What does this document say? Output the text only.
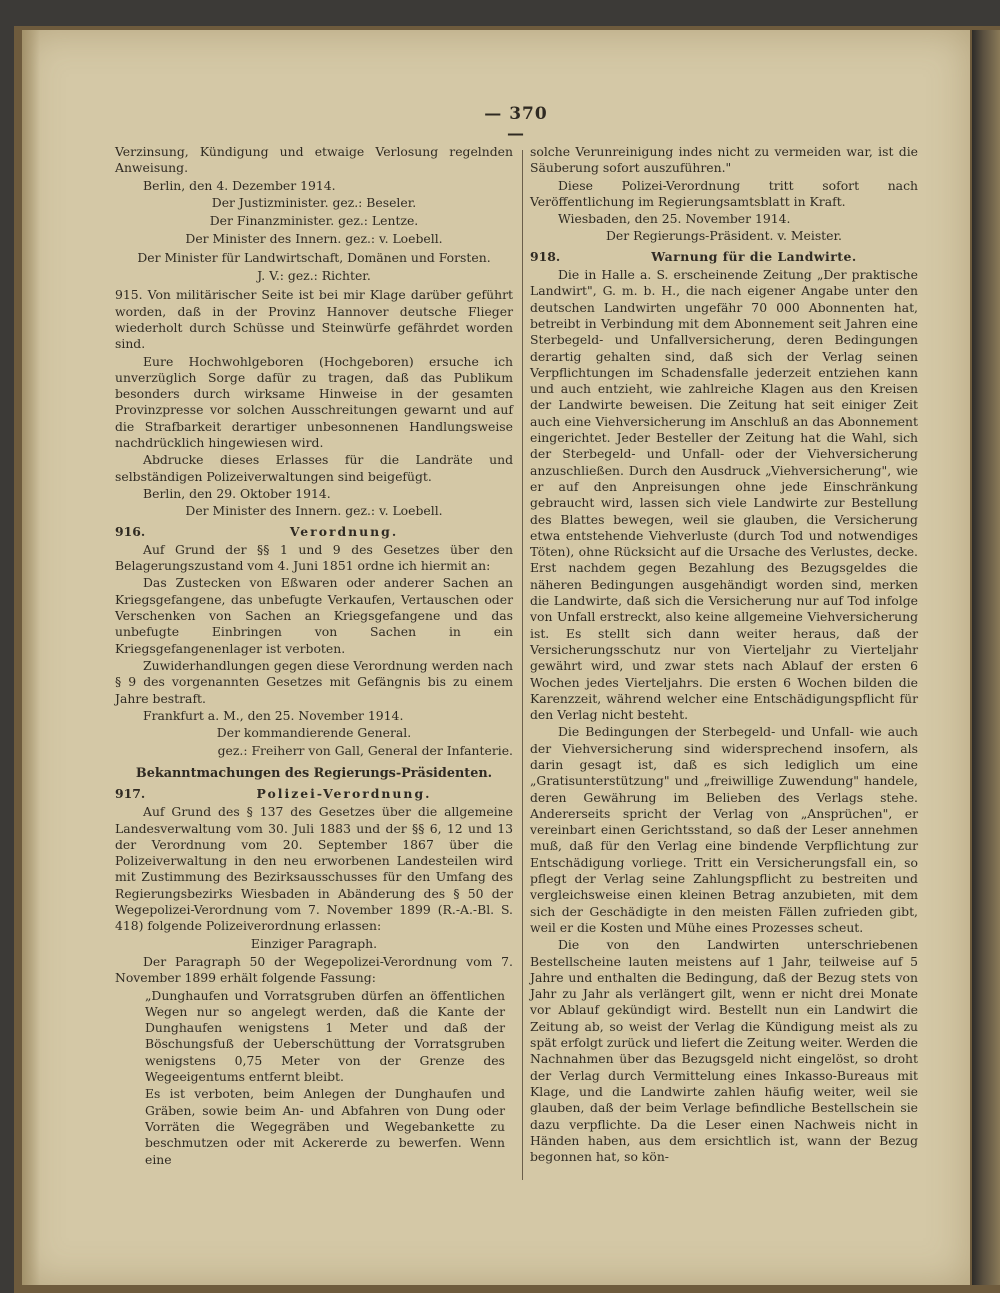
— 370 —

Verzinsung, Kündigung und etwaige Verlosung regelnden Anweisung.

Berlin, den 4. Dezember 1914.

Der Justizminister. gez.: Beseler.

Der Finanzminister. gez.: Lentze.

Der Minister des Innern. gez.: v. Loebell.

Der Minister für Landwirtschaft, Domänen und Forsten.

J. V.: gez.: Richter.

915. Von militärischer Seite ist bei mir Klage darüber geführt worden, daß in der Provinz Hannover deutsche Flieger wiederholt durch Schüsse und Steinwürfe gefährdet worden sind.

Eure Hochwohlgeboren (Hochgeboren) ersuche ich unverzüglich Sorge dafür zu tragen, daß das Publikum besonders durch wirksame Hinweise in der gesamten Provinzpresse vor solchen Ausschreitungen gewarnt und auf die Strafbarkeit derartiger unbesonnenen Handlungsweise nachdrücklich hingewiesen wird.

Abdrucke dieses Erlasses für die Landräte und selbständigen Polizeiverwaltungen sind beigefügt.

Berlin, den 29. Oktober 1914.

Der Minister des Innern. gez.: v. Loebell.

916.	Verordnung.

Auf Grund der §§ 1 und 9 des Gesetzes über den Belagerungszustand vom 4. Juni 1851 ordne ich hiermit an:

Das Zustecken von Eßwaren oder anderer Sachen an Kriegsgefangene, das unbefugte Verkaufen, Vertauschen oder Verschenken von Sachen an Kriegsgefangene und das unbefugte Einbringen von Sachen in ein Kriegsgefangenenlager ist verboten.

Zuwiderhandlungen gegen diese Verordnung werden nach § 9 des vorgenannten Gesetzes mit Gefängnis bis zu einem Jahre bestraft.

Frankfurt a. M., den 25. November 1914.

Der kommandierende General.

gez.: Freiherr von Gall, General der Infanterie.

Bekanntmachungen des Regierungs-Präsidenten.

917.	Polizei-Verordnung.

Auf Grund des § 137 des Gesetzes über die allgemeine Landesverwaltung vom 30. Juli 1883 und der §§ 6, 12 und 13 der Verordnung vom 20. September 1867 über die Polizeiverwaltung in den neu erworbenen Landesteilen wird mit Zustimmung des Bezirksausschusses für den Umfang des Regierungsbezirks Wiesbaden in Abänderung des § 50 der Wegepolizei-Verordnung vom 7. November 1899 (R.-A.-Bl. S. 418) folgende Polizeiverordnung erlassen:

Einziger Paragraph.

Der Paragraph 50 der Wegepolizei-Verordnung vom 7. November 1899 erhält folgende Fassung:

„Dunghaufen und Vorratsgruben dürfen an öffentlichen Wegen nur so angelegt werden, daß die Kante der Dunghaufen wenigstens 1 Meter und daß der Böschungsfuß der Ueberschüttung der Vorratsgruben wenigstens 0,75 Meter von der Grenze des Wegeeigentums entfernt bleibt.

Es ist verboten, beim Anlegen der Dunghaufen und Gräben, sowie beim An- und Abfahren von Dung oder Vorräten die Wegegräben und Wegebankette zu beschmutzen oder mit Ackererde zu bewerfen. Wenn eine

solche Verunreinigung indes nicht zu vermeiden war, ist die Säuberung sofort auszuführen."

Diese Polizei-Verordnung tritt sofort nach Veröffentlichung im Regierungsamtsblatt in Kraft.

Wiesbaden, den 25. November 1914.

Der Regierungs-Präsident. v. Meister.

918.	Warnung für die Landwirte.

Die in Halle a. S. erscheinende Zeitung „Der praktische Landwirt", G. m. b. H., die nach eigener Angabe unter den deutschen Landwirten ungefähr 70 000 Abonnenten hat, betreibt in Verbindung mit dem Abonnement seit Jahren eine Sterbegeld- und Unfallversicherung, deren Bedingungen derartig gehalten sind, daß sich der Verlag seinen Verpflichtungen im Schadensfalle jederzeit entziehen kann und auch entzieht, wie zahlreiche Klagen aus den Kreisen der Landwirte beweisen. Die Zeitung hat seit einiger Zeit auch eine Viehversicherung im Anschluß an das Abonnement eingerichtet. Jeder Besteller der Zeitung hat die Wahl, sich der Sterbegeld- und Unfall- oder der Viehversicherung anzuschließen. Durch den Ausdruck „Viehversicherung", wie er auf den Anpreisungen ohne jede Einschränkung gebraucht wird, lassen sich viele Landwirte zur Bestellung des Blattes bewegen, weil sie glauben, die Versicherung etwa entstehende Viehverluste (durch Tod und notwendiges Töten), ohne Rücksicht auf die Ursache des Verlustes, decke. Erst nachdem gegen Bezahlung des Bezugsgeldes die näheren Bedingungen ausgehändigt worden sind, merken die Landwirte, daß sich die Versicherung nur auf Tod infolge von Unfall erstreckt, also keine allgemeine Viehversicherung ist. Es stellt sich dann weiter heraus, daß der Versicherungsschutz nur von Vierteljahr zu Vierteljahr gewährt wird, und zwar stets nach Ablauf der ersten 6 Wochen jedes Vierteljahrs. Die ersten 6 Wochen bilden die Karenzzeit, während welcher eine Entschädigungspflicht für den Verlag nicht besteht.

Die Bedingungen der Sterbegeld- und Unfall- wie auch der Viehversicherung sind widersprechend insofern, als darin gesagt ist, daß es sich lediglich um eine „Gratisunterstützung" und „freiwillige Zuwendung" handele, deren Gewährung im Belieben des Verlags stehe. Andererseits spricht der Verlag von „Ansprüchen", er vereinbart einen Gerichtsstand, so daß der Leser annehmen muß, daß für den Verlag eine bindende Verpflichtung zur Entschädigung vorliege. Tritt ein Versicherungsfall ein, so pflegt der Verlag seine Zahlungspflicht zu bestreiten und vergleichsweise einen kleinen Betrag anzubieten, mit dem sich der Geschädigte in den meisten Fällen zufrieden gibt, weil er die Kosten und Mühe eines Prozesses scheut.

Die von den Landwirten unterschriebenen Bestellscheine lauten meistens auf 1 Jahr, teilweise auf 5 Jahre und enthalten die Bedingung, daß der Bezug stets von Jahr zu Jahr als verlängert gilt, wenn er nicht drei Monate vor Ablauf gekündigt wird. Bestellt nun ein Landwirt die Zeitung ab, so weist der Verlag die Kündigung meist als zu spät erfolgt zurück und liefert die Zeitung weiter. Werden die Nachnahmen über das Bezugsgeld nicht eingelöst, so droht der Verlag durch Vermittelung eines Inkasso-Bureaus mit Klage, und die Landwirte zahlen häufig weiter, weil sie glauben, daß der beim Verlage befindliche Bestellschein sie dazu verpflichte. Da die Leser einen Nachweis nicht in Händen haben, aus dem ersichtlich ist, wann der Bezug begonnen hat, so kön-
